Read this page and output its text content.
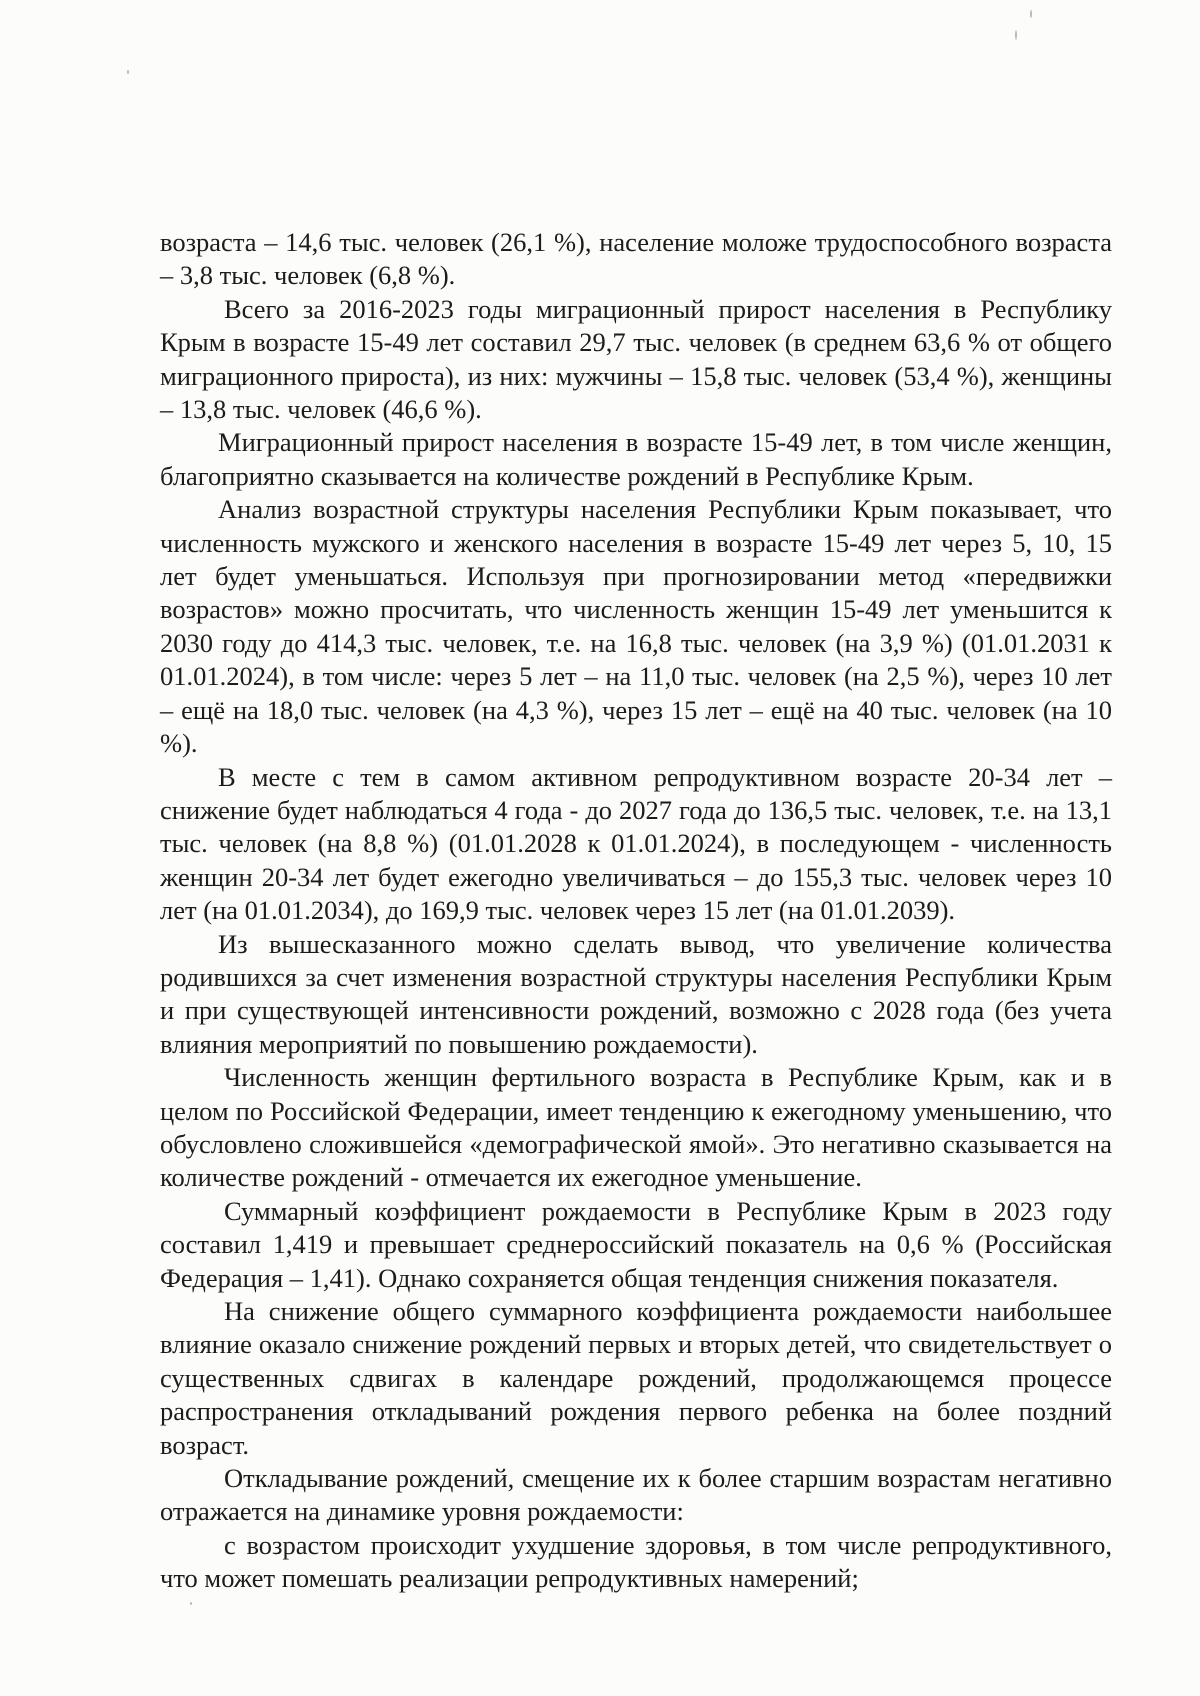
возраста – 14,6 тыс. человек (26,1 %), население моложе трудоспособного возраста – 3,8 тыс. человек (6,8 %).

Всего за 2016-2023 годы миграционный прирост населения в Республику Крым в возрасте 15-49 лет составил 29,7 тыс. человек (в среднем 63,6 % от общего миграционного прироста), из них: мужчины – 15,8 тыс. человек (53,4 %), женщины – 13,8 тыс. человек (46,6 %).

Миграционный прирост населения в возрасте 15-49 лет, в том числе женщин, благоприятно сказывается на количестве рождений в Республике Крым.

Анализ возрастной структуры населения Республики Крым показывает, что численность мужского и женского населения в возрасте 15-49 лет через 5, 10, 15 лет будет уменьшаться. Используя при прогнозировании метод «передвижки возрастов» можно просчитать, что численность женщин 15-49 лет уменьшится к 2030 году до 414,3 тыс. человек, т.е. на 16,8 тыс. человек (на 3,9 %) (01.01.2031 к 01.01.2024), в том числе: через 5 лет – на 11,0 тыс. человек (на 2,5 %), через 10 лет – ещё на 18,0 тыс. человек (на 4,3 %), через 15 лет – ещё на 40 тыс. человек (на 10 %).

В месте с тем в самом активном репродуктивном возрасте 20-34 лет – снижение будет наблюдаться 4 года - до 2027 года до 136,5 тыс. человек, т.е. на 13,1 тыс. человек (на 8,8 %) (01.01.2028 к 01.01.2024), в последующем - численность женщин 20-34 лет будет ежегодно увеличиваться – до 155,3 тыс. человек через 10 лет (на 01.01.2034), до 169,9 тыс. человек через 15 лет (на 01.01.2039).

Из вышесказанного можно сделать вывод, что увеличение количества родившихся за счет изменения возрастной структуры населения Республики Крым и при существующей интенсивности рождений, возможно с 2028 года (без учета влияния мероприятий по повышению рождаемости).

Численность женщин фертильного возраста в Республике Крым, как и в целом по Российской Федерации, имеет тенденцию к ежегодному уменьшению, что обусловлено сложившейся «демографической ямой». Это негативно сказывается на количестве рождений - отмечается их ежегодное уменьшение.

Суммарный коэффициент рождаемости в Республике Крым в 2023 году составил 1,419 и превышает среднероссийский показатель на 0,6 % (Российская Федерация – 1,41). Однако сохраняется общая тенденция снижения показателя.

На снижение общего суммарного коэффициента рождаемости наибольшее влияние оказало снижение рождений первых и вторых детей, что свидетельствует о существенных сдвигах в календаре рождений, продолжающемся процессе распространения откладываний рождения первого ребенка на более поздний возраст.

Откладывание рождений, смещение их к более старшим возрастам негативно отражается на динамике уровня рождаемости:

с возрастом происходит ухудшение здоровья, в том числе репродуктивного, что может помешать реализации репродуктивных намерений;
